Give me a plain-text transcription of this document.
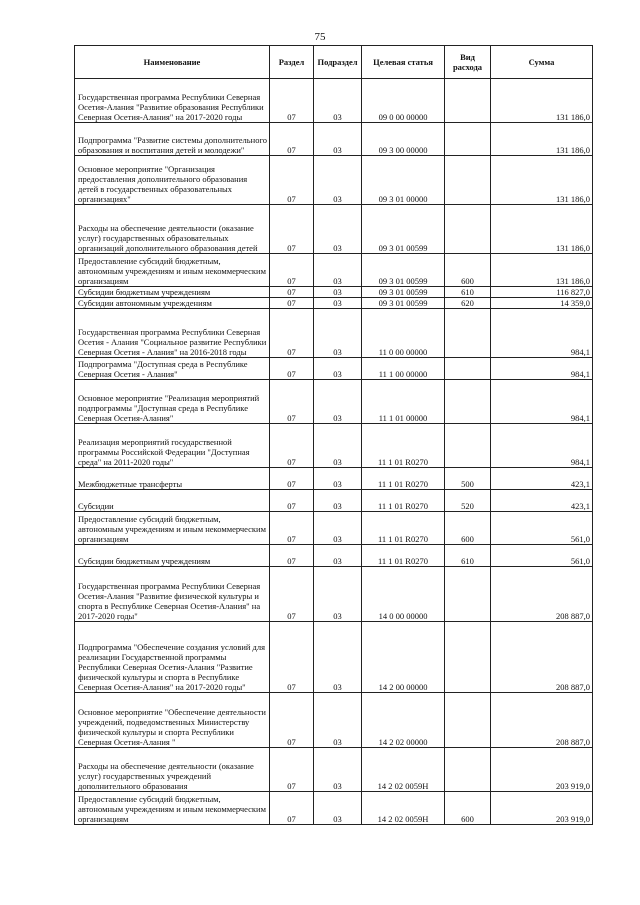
75
Наименование	Раздел	Подраздел	Целевая статья	Вид расхода	Сумма
Государственная программа Республики Северная Осетия-Алания "Развитие образования Республики Северная Осетия-Алания" на 2017-2020 годы	07	03	09 0 00 00000		131 186,0
Подпрограмма "Развитие системы дополнительного образования и воспитания детей и молодежи"	07	03	09 3 00 00000		131 186,0
Основное мероприятие "Организация предоставления дополнительного образования детей в государственных образовательных организациях"	07	03	09 3 01 00000		131 186,0
Расходы на обеспечение деятельности (оказание услуг) государственных образовательных организаций дополнительного образования детей	07	03	09 3 01 00599		131 186,0
Предоставление субсидий бюджетным, автономным учреждениям и иным некоммерческим организациям	07	03	09 3 01 00599	600	131 186,0
Субсидии бюджетным учреждениям	07	03	09 3 01 00599	610	116 827,0
Субсидии автономным учреждениям	07	03	09 3 01 00599	620	14 359,0
Государственная программа Республики Северная Осетия - Алания "Социальное развитие Республики Северная Осетия - Алания" на 2016-2018 годы	07	03	11 0 00 00000		984,1
Подпрограмма "Доступная среда в Республике Северная Осетия - Алания"	07	03	11 1 00 00000		984,1
Основное мероприятие "Реализация мероприятий подпрограммы "Доступная среда в Республике Северная Осетия-Алания"	07	03	11 1 01 00000		984,1
Реализация мероприятий государственной программы Российской Федерации "Доступная среда" на 2011-2020 годы"	07	03	11 1 01 R0270		984,1
Межбюджетные трансферты	07	03	11 1 01 R0270	500	423,1
Субсидии	07	03	11 1 01 R0270	520	423,1
Предоставление субсидий бюджетным, автономным учреждениям и иным некоммерческим организациям	07	03	11 1 01 R0270	600	561,0
Субсидии бюджетным учреждениям	07	03	11 1 01 R0270	610	561,0
Государственная программа Республики Северная Осетия-Алания "Развитие физической культуры и спорта в Республике Северная Осетия-Алания" на 2017-2020 годы"	07	03	14 0 00 00000		208 887,0
Подпрограмма "Обеспечение создания условий для реализации Государственной программы Республики Северная Осетия-Алания "Развитие физической культуры и спорта в Республике Северная Осетия-Алания" на 2017-2020 годы"	07	03	14 2 00 00000		208 887,0
Основное мероприятие "Обеспечение деятельности учреждений, подведомственных Министерству физической культуры и спорта Республики Северная Осетия-Алания "	07	03	14 2 02 00000		208 887,0
Расходы на обеспечение деятельности (оказание услуг) государственных учреждений дополнительного образования	07	03	14 2 02 0059Н		203 919,0
Предоставление субсидий бюджетным, автономным учреждениям и иным некоммерческим организациям	07	03	14 2 02 0059Н	600	203 919,0
